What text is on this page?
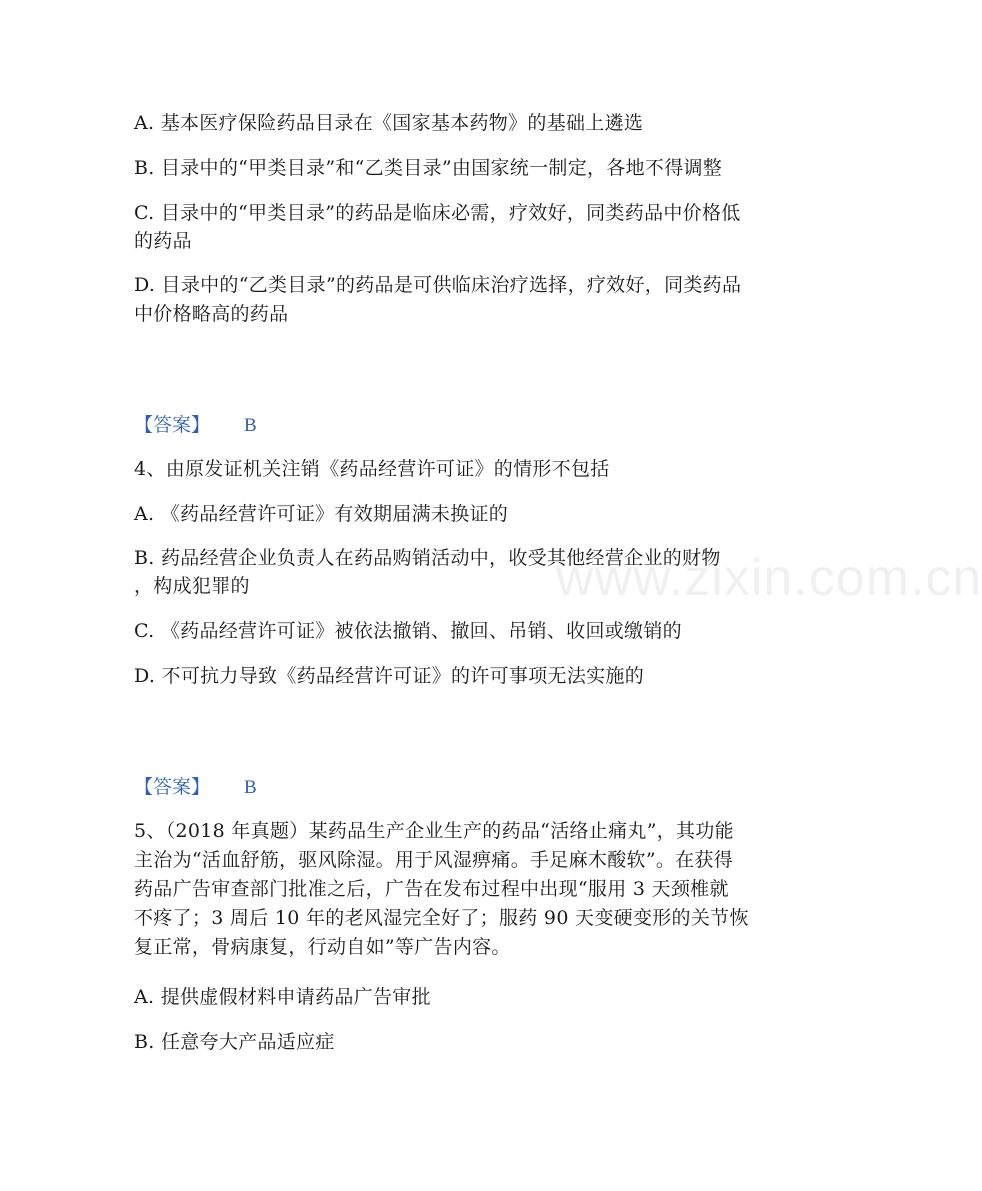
www.zixin.com.cn
A. 基本医疗保险药品目录在《国家基本药物》的基础上遴选
B. 目录中的“甲类目录”和“乙类目录”由国家统一制定，各地不得调整
C. 目录中的“甲类目录”的药品是临床必需，疗效好，同类药品中价格低
的药品
D. 目录中的“乙类目录”的药品是可供临床治疗选择，疗效好，同类药品
中价格略高的药品
【答案】 B
4、由原发证机关注销《药品经营许可证》的情形不包括
A. 《药品经营许可证》有效期届满未换证的
B. 药品经营企业负责人在药品购销活动中，收受其他经营企业的财物
，构成犯罪的
C. 《药品经营许可证》被依法撤销、撤回、吊销、收回或缴销的
D. 不可抗力导致《药品经营许可证》的许可事项无法实施的
【答案】 B
5、（2018 年真题）某药品生产企业生产的药品“活络止痛丸”，其功能
主治为“活血舒筋，驱风除湿。用于风湿痹痛。手足麻木酸软”。在获得
药品广告审查部门批准之后，广告在发布过程中出现“服用 3 天颈椎就
不疼了；3 周后 10 年的老风湿完全好了；服药 90 天变硬变形的关节恢
复正常，骨病康复，行动自如”等广告内容。
A. 提供虚假材料申请药品广告审批
B. 任意夸大产品适应症
